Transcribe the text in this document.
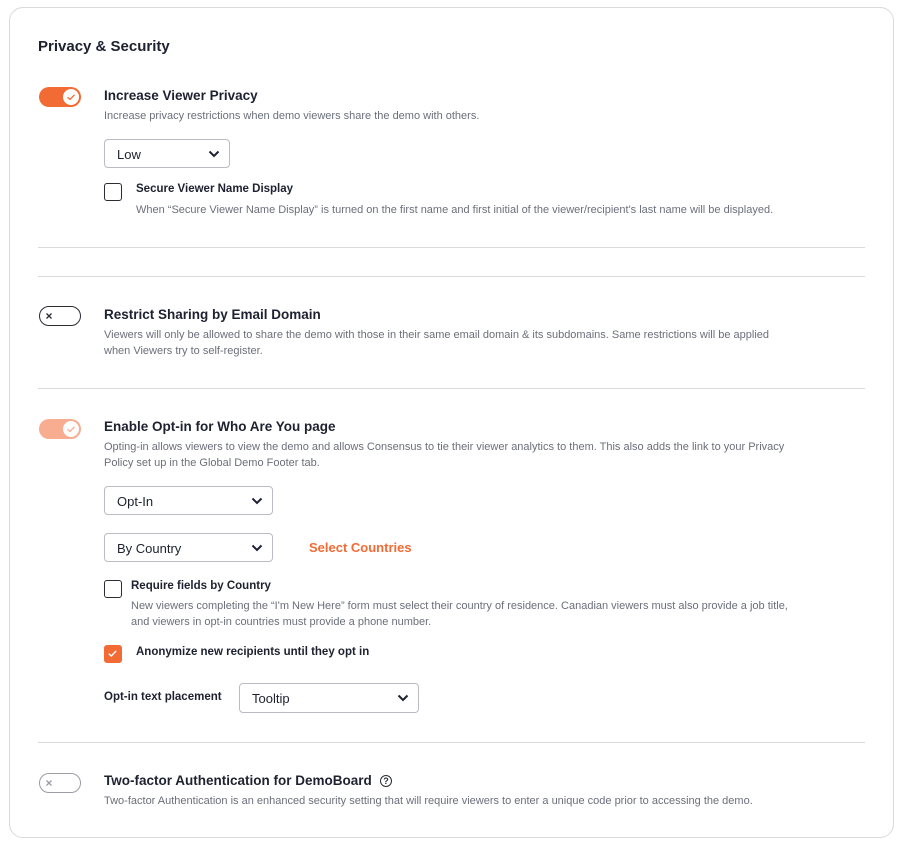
Privacy & Security
Increase Viewer Privacy
Increase privacy restrictions when demo viewers share the demo with others.
Low
Secure Viewer Name Display
When “Secure Viewer Name Display” is turned on the first name and first initial of the viewer/recipient's last name will be displayed.
Restrict Sharing by Email Domain
Viewers will only be allowed to share the demo with those in their same email domain & its subdomains. Same restrictions will be applied
when Viewers try to self-register.
Enable Opt-in for Who Are You page
Opting-in allows viewers to view the demo and allows Consensus to tie their viewer analytics to them. This also adds the link to your Privacy
Policy set up in the Global Demo Footer tab.
Opt-In
By Country	Select Countries
Require fields by Country
New viewers completing the “I'm New Here” form must select their country of residence. Canadian viewers must also provide a job title,
and viewers in opt-in countries must provide a phone number.
Anonymize new recipients until they opt in
Opt-in text placement Tooltip
Two-factor Authentication for DemoBoard	?
Two-factor Authentication is an enhanced security setting that will require viewers to enter a unique code prior to accessing the demo.
